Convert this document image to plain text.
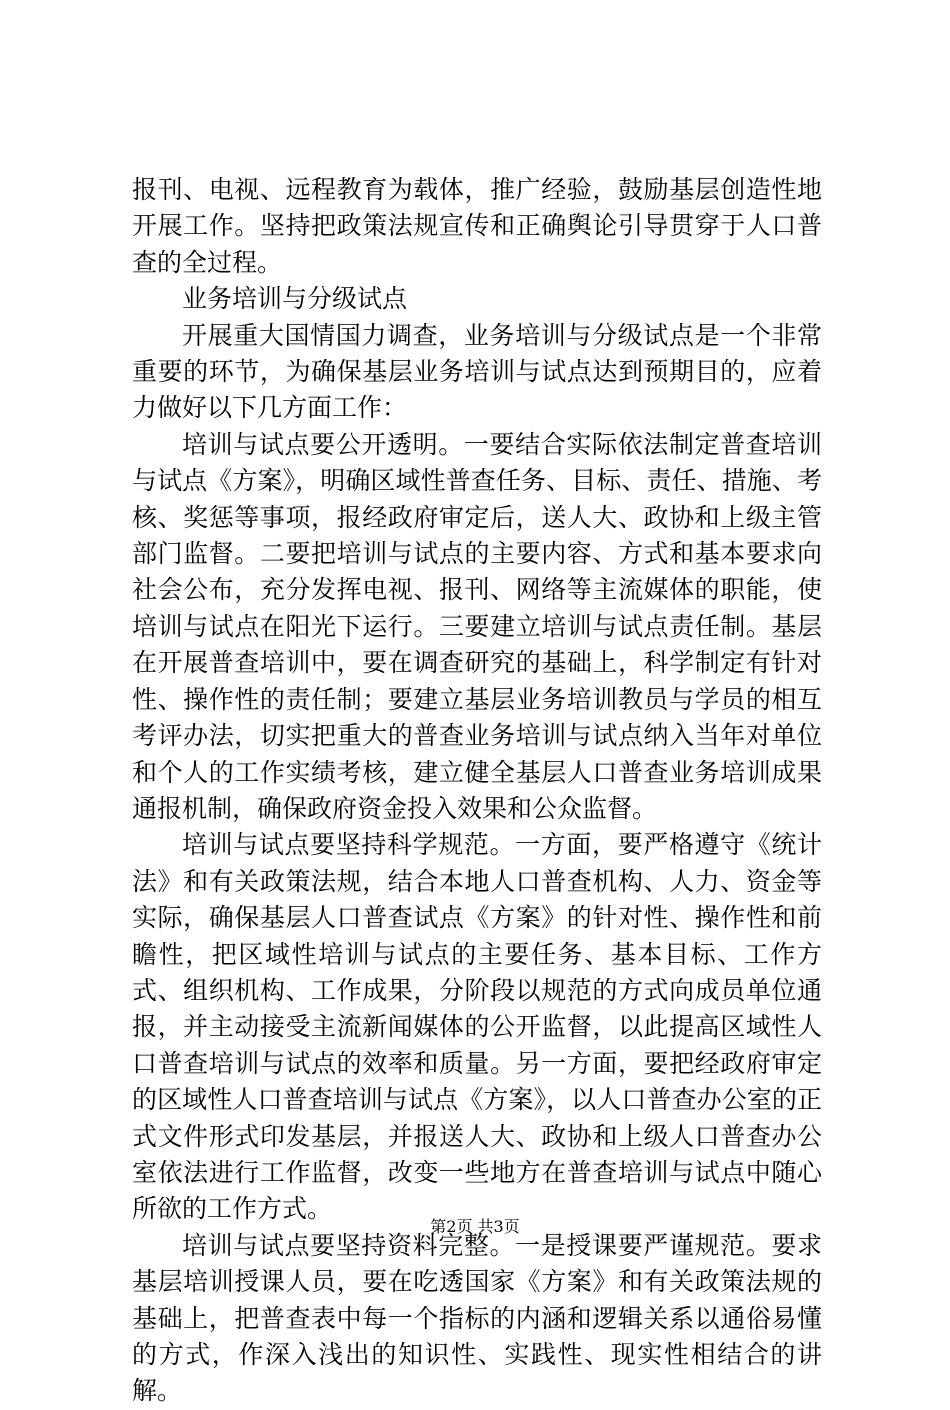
报刊、电视、远程教育为载体，推广经验，鼓励基层创造性地开展工作。坚持把政策法规宣传和正确舆论引导贯穿于人口普查的全过程。

业务培训与分级试点

开展重大国情国力调查，业务培训与分级试点是一个非常重要的环节，为确保基层业务培训与试点达到预期目的，应着力做好以下几方面工作：

培训与试点要公开透明。一要结合实际依法制定普查培训与试点《方案》，明确区域性普查任务、目标、责任、措施、考核、奖惩等事项，报经政府审定后，送人大、政协和上级主管部门监督。二要把培训与试点的主要内容、方式和基本要求向社会公布，充分发挥电视、报刊、网络等主流媒体的职能，使培训与试点在阳光下运行。三要建立培训与试点责任制。基层在开展普查培训中，要在调查研究的基础上，科学制定有针对性、操作性的责任制；要建立基层业务培训教员与学员的相互考评办法，切实把重大的普查业务培训与试点纳入当年对单位和个人的工作实绩考核，建立健全基层人口普查业务培训成果通报机制，确保政府资金投入效果和公众监督。

培训与试点要坚持科学规范。一方面，要严格遵守《统计法》和有关政策法规，结合本地人口普查机构、人力、资金等实际，确保基层人口普查试点《方案》的针对性、操作性和前瞻性，把区域性培训与试点的主要任务、基本目标、工作方式、组织机构、工作成果，分阶段以规范的方式向成员单位通报，并主动接受主流新闻媒体的公开监督，以此提高区域性人口普查培训与试点的效率和质量。另一方面，要把经政府审定的区域性人口普查培训与试点《方案》，以人口普查办公室的正式文件形式印发基层，并报送人大、政协和上级人口普查办公室依法进行工作监督，改变一些地方在普查培训与试点中随心所欲的工作方式。

培训与试点要坚持资料完整。一是授课要严谨规范。要求基层培训授课人员，要在吃透国家《方案》和有关政策法规的基础上，把普查表中每一个指标的内涵和逻辑关系以通俗易懂的方式，作深入浅出的知识性、实践性、现实性相结合的讲解。

第2页 共3页
